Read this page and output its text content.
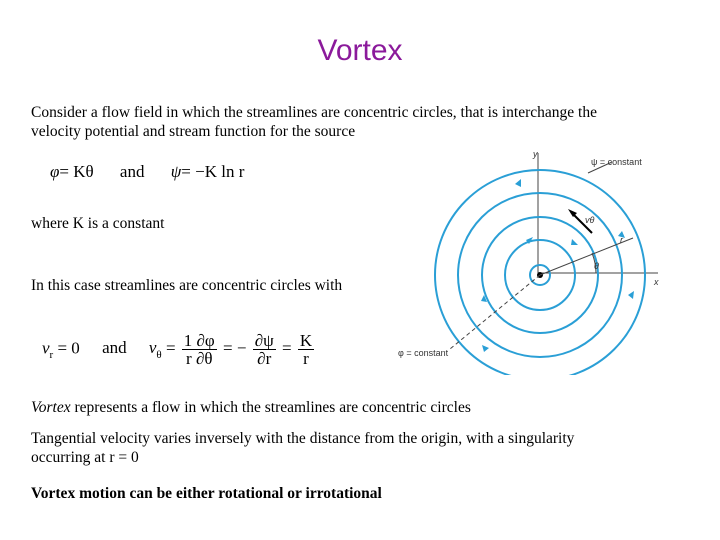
Vortex
Consider a flow field in which the streamlines are concentric circles, that is interchange the
velocity potential and stream function for the source
φ= Kθ and ψ= −K ln r
where K is a constant
In this case streamlines are concentric circles with
$v_r = 0$ and $v_\theta = \frac{1 \partial\varphi}{r \partial\theta}$ = − $\frac{\partial\psi}{\partial r} = \frac{K}{r}$
y
x
r
θ
vθ
φ = constant
ψ = constant
Vortex represents a flow in which the streamlines are concentric circles
Tangential velocity varies inversely with the distance from the origin, with a singularity
occurring at r = 0
Vortex motion can be either rotational or irrotational
